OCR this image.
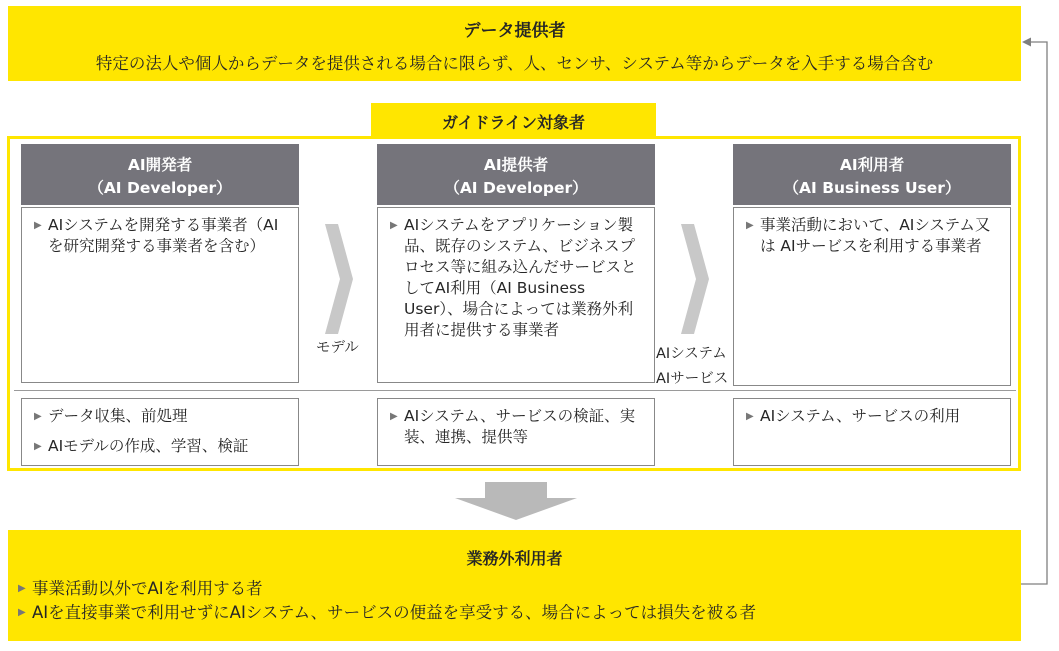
データ提供者
特定の法人や個人からデータを提供される場合に限らず、人、センサ、システム等からデータを入手する場合含む
ガイドライン対象者
AI開発者
（AI Developer）
▶ AIシステムを開発する事業者（AIを研究開発する事業者を含む）
▶ データ収集、前処理
▶ AIモデルの作成、学習、検証
AI提供者
（AI Developer）
▶ AIシステムをアプリケーション製品、既存のシステム、ビジネスプロセス等に組み込んだサービスとしてAI利用（AI Business User）、場合によっては業務外利用者に提供する事業者
▶ AIシステム、サービスの検証、実装、連携、提供等
AI利用者
（AI Business User）
▶ 事業活動において、AIシステム又は AIサービスを利用する事業者
▶ AIシステム、サービスの利用
モデル	AIシステム
AIサービス
業務外利用者
▶ 事業活動以外でAIを利用する者
▶ AIを直接事業で利用せずにAIシステム、サービスの便益を享受する、場合によっては損失を被る者
